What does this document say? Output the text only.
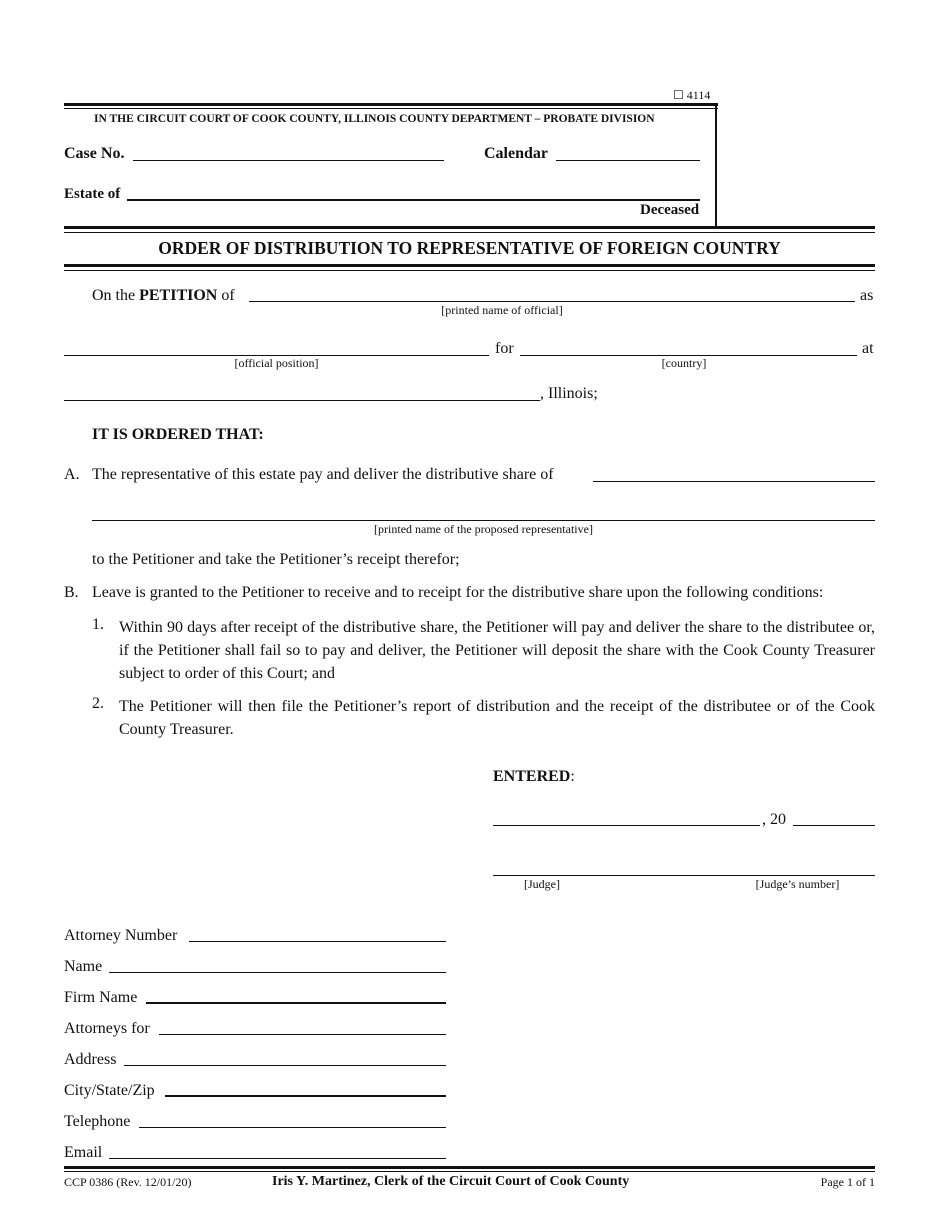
☐ 4114
IN THE CIRCUIT COURT OF COOK COUNTY, ILLINOIS COUNTY DEPARTMENT – PROBATE DIVISION
Case No.	Calendar
Estate of
Deceased
ORDER OF DISTRIBUTION TO REPRESENTATIVE OF FOREIGN COUNTRY
On the PETITION of	as
[printed name of official]
for	at
[official position]	[country]
, Illinois;
IT IS ORDERED THAT:
A. The representative of this estate pay and deliver the distributive share of
[printed name of the proposed representative]
to the Petitioner and take the Petitioner’s receipt therefor;
B. Leave is granted to the Petitioner to receive and to receipt for the distributive share upon the following conditions:
1. Within 90 days after receipt of the distributive share, the Petitioner will pay and deliver the share to the distributee or, if the Petitioner shall fail so to pay and deliver, the Petitioner will deposit the share with the Cook County Treasurer subject to order of this Court; and
2. The Petitioner will then file the Petitioner’s report of distribution and the receipt of the distributee or of the Cook County Treasurer.
ENTERED:
, 20
[Judge]	[Judge’s number]
Attorney Number
Name
Firm Name
Attorneys for
Address
City/State/Zip
Telephone
Email
CCP 0386 (Rev. 12/01/20)	Iris Y. Martinez, Clerk of the Circuit Court of Cook County	Page 1 of 1
